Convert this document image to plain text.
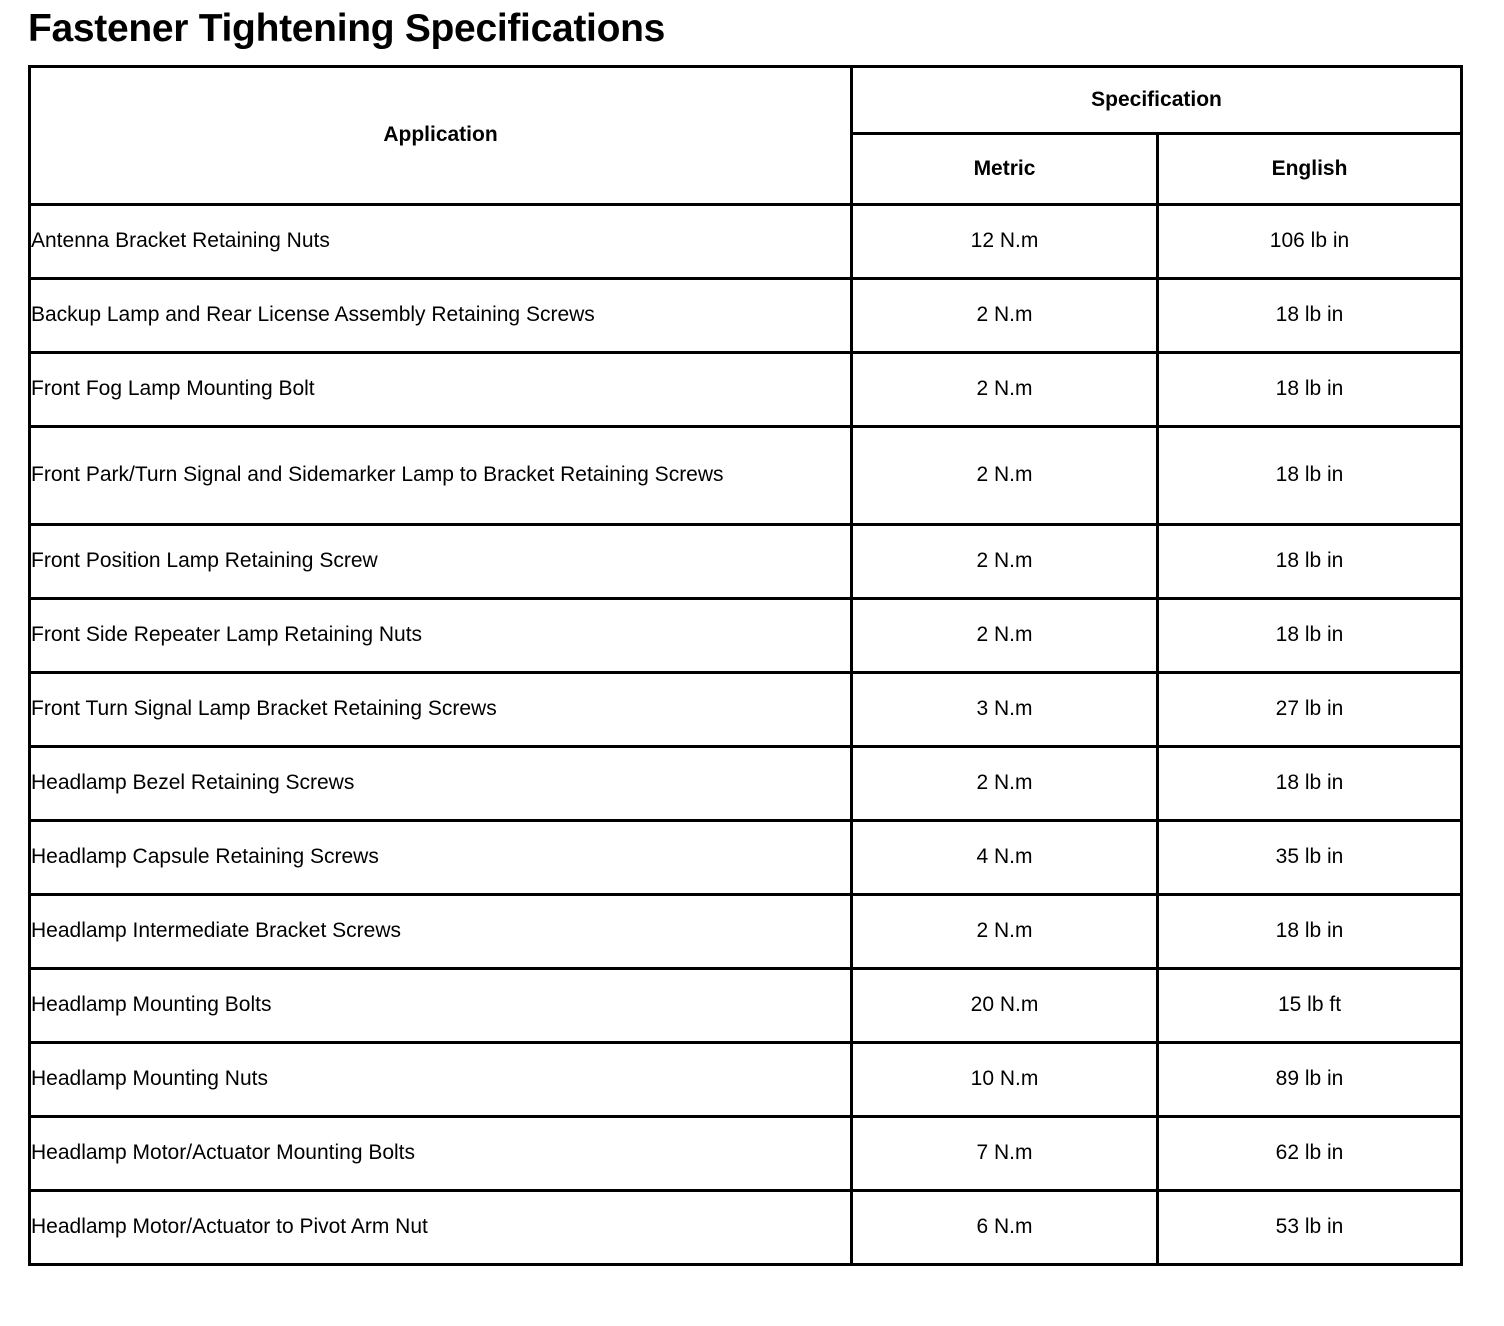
Fastener Tightening Specifications
Application	Specification	
	Metric	English
Antenna Bracket Retaining Nuts	12 N.m	106 lb in
Backup Lamp and Rear License Assembly Retaining Screws	2 N.m	18 lb in
Front Fog Lamp Mounting Bolt	2 N.m	18 lb in
Front Park/Turn Signal and Sidemarker Lamp to Bracket Retaining Screws	2 N.m	18 lb in
Front Position Lamp Retaining Screw	2 N.m	18 lb in
Front Side Repeater Lamp Retaining Nuts	2 N.m	18 lb in
Front Turn Signal Lamp Bracket Retaining Screws	3 N.m	27 lb in
Headlamp Bezel Retaining Screws	2 N.m	18 lb in
Headlamp Capsule Retaining Screws	4 N.m	35 lb in
Headlamp Intermediate Bracket Screws	2 N.m	18 lb in
Headlamp Mounting Bolts	20 N.m	15 lb ft
Headlamp Mounting Nuts	10 N.m	89 lb in
Headlamp Motor/Actuator Mounting Bolts	7 N.m	62 lb in
Headlamp Motor/Actuator to Pivot Arm Nut	6 N.m	53 lb in
